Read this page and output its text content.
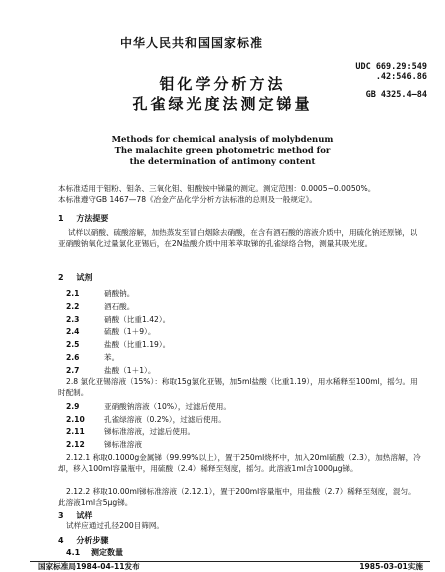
中华人民共和国国家标准
UDC 669.29:549
.42:546.86
GB 4325.4—84
钼化学分析方法
孔雀绿光度法测定锑量
Methods for chemical analysis of molybdenum
The malachite green photometric method for
the determination of antimony content
本标准适用于钼粉、钼条、三氧化钼、钼酸铵中锑量的测定。测定范围：0.0005~0.0050%。
本标准遵守GB 1467—78《冶金产品化学分析方法标准的总则及一般规定》。
1 方法提要
试样以硝酸、硫酸溶解，加热蒸发至冒白烟除去硝酸，在含有酒石酸的溶液介质中，用硫化钠还原锑，以亚硝酸钠氧化过量氯化亚锡后，在2N盐酸介质中用苯萃取锑的孔雀绿络合物，测量其吸光度。
2 试剂
2.1	硝酸钠。
2.2	酒石酸。
2.3	硝酸（比重1.42）。
2.4	硫酸（1＋9）。
2.5	盐酸（比重1.19）。
2.6	苯。
2.7	盐酸（1＋1）。
2.8 氯化亚锡溶液（15%）：称取15g氯化亚锡，加5ml盐酸（比重1.19），用水稀释至100ml，摇匀。用时配制。
2.9	亚硝酸钠溶液（10%），过滤后使用。
2.10	孔雀绿溶液（0.2%），过滤后使用。
2.11	锑标准溶液，过滤后使用。
2.12	锑标准溶液
2.12.1 称取0.1000g金属锑（99.99%以上），置于250ml烧杯中，加入20ml硫酸（2.3），加热溶解，冷却，移入100ml容量瓶中，用硫酸（2.4）稀释至刻度，摇匀。此溶液1ml含1000μg锑。
2.12.2 移取10.00ml锑标准溶液（2.12.1），置于200ml容量瓶中，用盐酸（2.7）稀释至刻度，混匀。此溶液1ml含5μg锑。
3 试样
试样应通过孔径200目筛网。
4 分析步骤
4.1 测定数量
国家标准局1984-04-11发布	1985-03-01实施
